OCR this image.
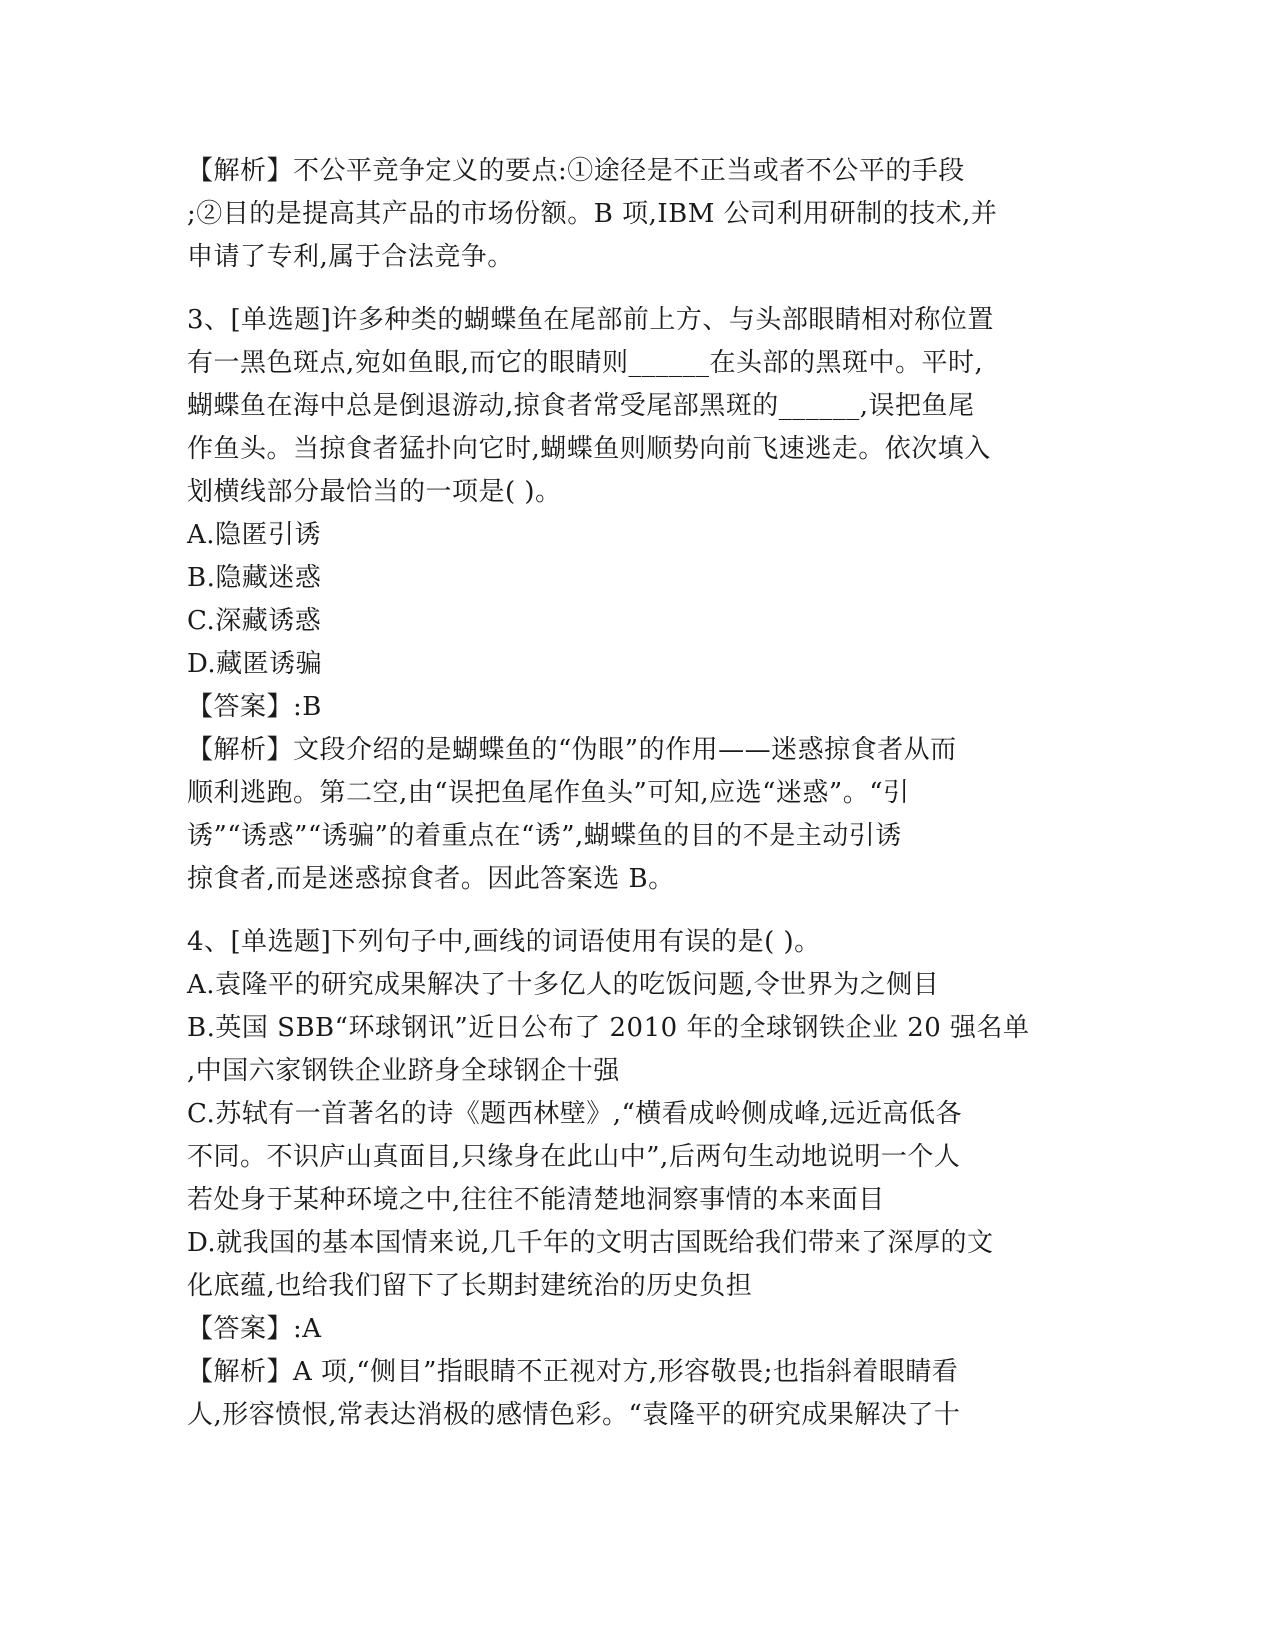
【解析】不公平竞争定义的要点:①途径是不正当或者不公平的手段
;②目的是提高其产品的市场份额。B 项,IBM 公司利用研制的技术,并
申请了专利,属于合法竞争。

3、[单选题]许多种类的蝴蝶鱼在尾部前上方、与头部眼睛相对称位置
有一黑色斑点,宛如鱼眼,而它的眼睛则______在头部的黑斑中。平时,
蝴蝶鱼在海中总是倒退游动,掠食者常受尾部黑斑的______,误把鱼尾
作鱼头。当掠食者猛扑向它时,蝴蝶鱼则顺势向前飞速逃走。依次填入
划横线部分最恰当的一项是( )。

A.隐匿引诱
B.隐藏迷惑
C.深藏诱惑
D.藏匿诱骗

【答案】:B

【解析】文段介绍的是蝴蝶鱼的“伪眼”的作用——迷惑掠食者从而
顺利逃跑。第二空,由“误把鱼尾作鱼头”可知,应选“迷惑”。“引
诱”“诱惑”“诱骗”的着重点在“诱”,蝴蝶鱼的目的不是主动引诱
掠食者,而是迷惑掠食者。因此答案选 B。

4、[单选题]下列句子中,画线的词语使用有误的是( )。

A.袁隆平的研究成果解决了十多亿人的吃饭问题,令世界为之侧目
B.英国 SBB“环球钢讯”近日公布了 2010 年的全球钢铁企业 20 强名单
,中国六家钢铁企业跻身全球钢企十强
C.苏轼有一首著名的诗《题西林壁》,“横看成岭侧成峰,远近高低各
不同。不识庐山真面目,只缘身在此山中”,后两句生动地说明一个人
若处身于某种环境之中,往往不能清楚地洞察事情的本来面目
D.就我国的基本国情来说,几千年的文明古国既给我们带来了深厚的文
化底蕴,也给我们留下了长期封建统治的历史负担

【答案】:A

【解析】A 项,“侧目”指眼睛不正视对方,形容敬畏;也指斜着眼睛看
人,形容愤恨,常表达消极的感情色彩。“袁隆平的研究成果解决了十
